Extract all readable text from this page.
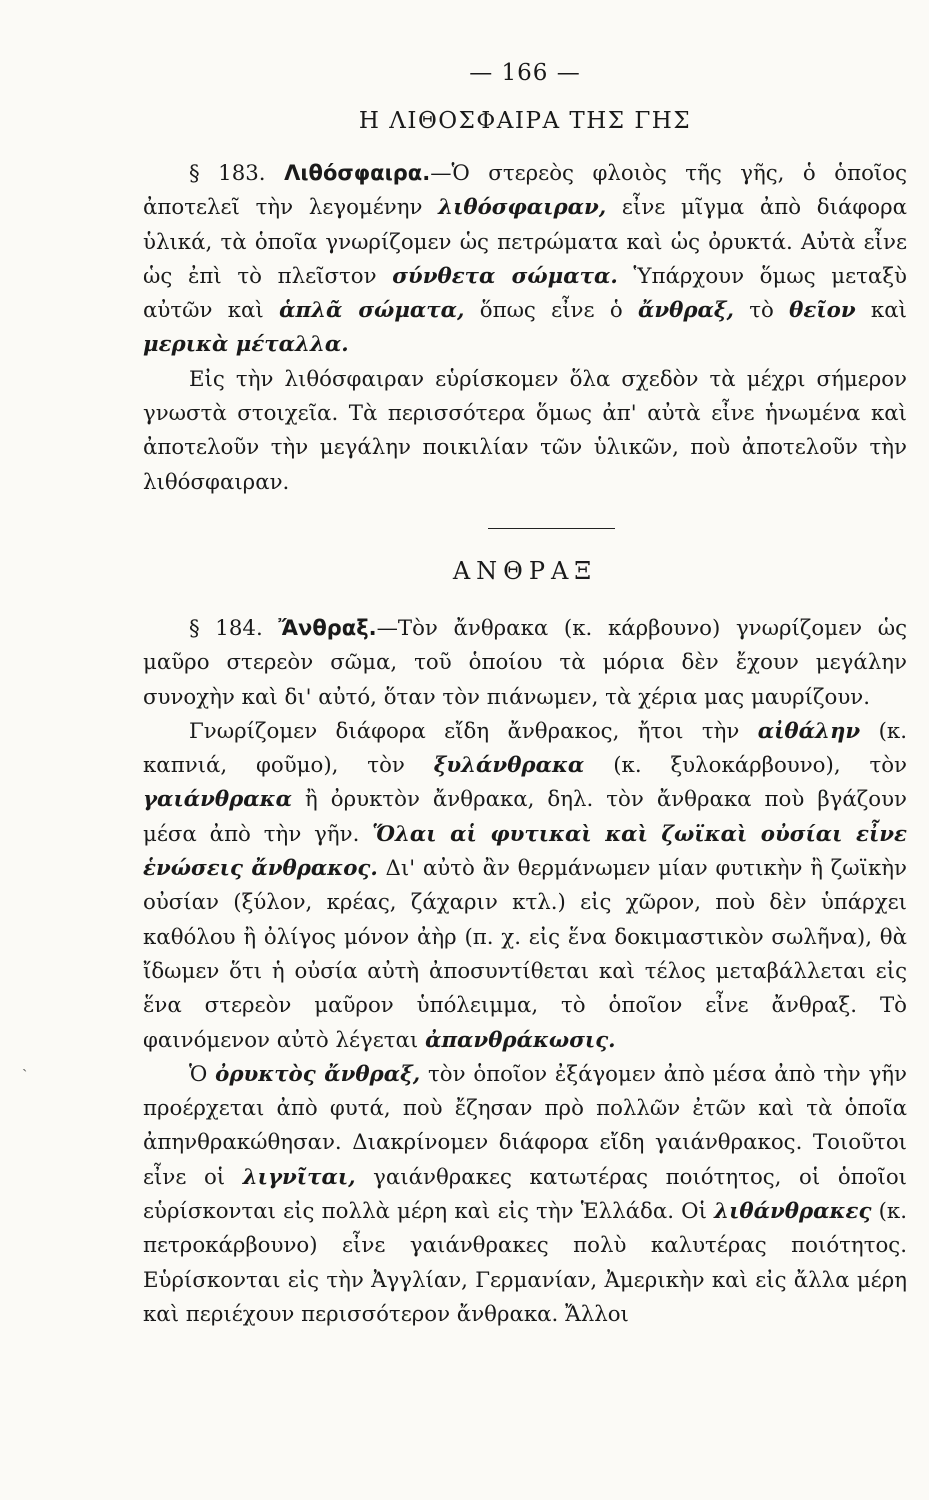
— 166 —
Η ΛΙΘΟΣΦΑΙΡΑ ΤΗΣ ΓΗΣ

§ 183. Λιθόσφαιρα.—Ὁ στερεὸς φλοιὸς τῆς γῆς, ὁ ὁποῖος ἀποτελεῖ τὴν λεγομένην λιθόσφαιραν, εἶνε μῖγμα ἀπὸ διάφορα ὑλικά, τὰ ὁποῖα γνωρίζομεν ὡς πετρώματα καὶ ὡς ὀρυκτά. Αὐτὰ εἶνε ὡς ἐπὶ τὸ πλεῖστον σύνθετα σώματα. Ὑπάρχουν ὅμως μεταξὺ αὐτῶν καὶ ἁπλᾶ σώματα, ὅπως εἶνε ὁ ἄνθραξ, τὸ θεῖον καὶ μερικὰ μέταλλα.

Εἰς τὴν λιθόσφαιραν εὑρίσκομεν ὅλα σχεδὸν τὰ μέχρι σήμερον γνωστὰ στοιχεῖα. Τὰ περισσότερα ὅμως ἀπ' αὐτὰ εἶνε ἡνωμένα καὶ ἀποτελοῦν τὴν μεγάλην ποικιλίαν τῶν ὑλικῶν, ποὺ ἀποτελοῦν τὴν λιθόσφαιραν.

ΑΝΘΡΑΞ

§ 184. Ἄνθραξ.—Τὸν ἄνθρακα (κ. κάρβουνο) γνωρίζομεν ὡς μαῦρο στερεὸν σῶμα, τοῦ ὁποίου τὰ μόρια δὲν ἔχουν μεγάλην συνοχὴν καὶ δι' αὐτό, ὅταν τὸν πιάνωμεν, τὰ χέρια μας μαυρίζουν.

Γνωρίζομεν διάφορα εἴδη ἄνθρακος, ἤτοι τὴν αἰθάλην (κ. καπνιά, φοῦμο), τὸν ξυλάνθρακα (κ. ξυλοκάρβουνο), τὸν γαιάνθρακα ἢ ὀρυκτὸν ἄνθρακα, δηλ. τὸν ἄνθρακα ποὺ βγάζουν μέσα ἀπὸ τὴν γῆν. Ὅλαι αἱ φυτικαὶ καὶ ζωϊκαὶ οὐσίαι εἶνε ἑνώσεις ἄνθρακος. Δι' αὐτὸ ἂν θερμάνωμεν μίαν φυτικὴν ἢ ζωϊκὴν οὐσίαν (ξύλον, κρέας, ζάχαριν κτλ.) εἰς χῶρον, ποὺ δὲν ὑπάρχει καθόλου ἢ ὀλίγος μόνον ἀὴρ (π. χ. εἰς ἕνα δοκιμαστικὸν σωλῆνα), θὰ ἴδωμεν ὅτι ἡ οὐσία αὐτὴ ἀποσυντίθεται καὶ τέλος μεταβάλλεται εἰς ἕνα στερεὸν μαῦρον ὑπόλειμμα, τὸ ὁποῖον εἶνε ἄνθραξ. Τὸ φαινόμενον αὐτὸ λέγεται ἀπανθράκωσις.

Ὁ ὀρυκτὸς ἄνθραξ, τὸν ὁποῖον ἐξάγομεν ἀπὸ μέσα ἀπὸ τὴν γῆν προέρχεται ἀπὸ φυτά, ποὺ ἔζησαν πρὸ πολλῶν ἐτῶν καὶ τὰ ὁποῖα ἀπηνθρακώθησαν. Διακρίνομεν διάφορα εἴδη γαιάνθρακος. Τοιοῦτοι εἶνε οἱ λιγνῖται, γαιάνθρακες κατωτέρας ποιότητος, οἱ ὁποῖοι εὑρίσκονται εἰς πολλὰ μέρη καὶ εἰς τὴν Ἑλλάδα. Οἱ λιθάνθρακες (κ. πετροκάρβουνο) εἶνε γαιάνθρακες πολὺ καλυτέρας ποιότητος. Εὑρίσκονται εἰς τὴν Ἀγγλίαν, Γερμανίαν, Ἀμερικὴν καὶ εἰς ἄλλα μέρη καὶ περιέχουν περισσότερον ἄνθρακα. Ἄλλοι

˴
